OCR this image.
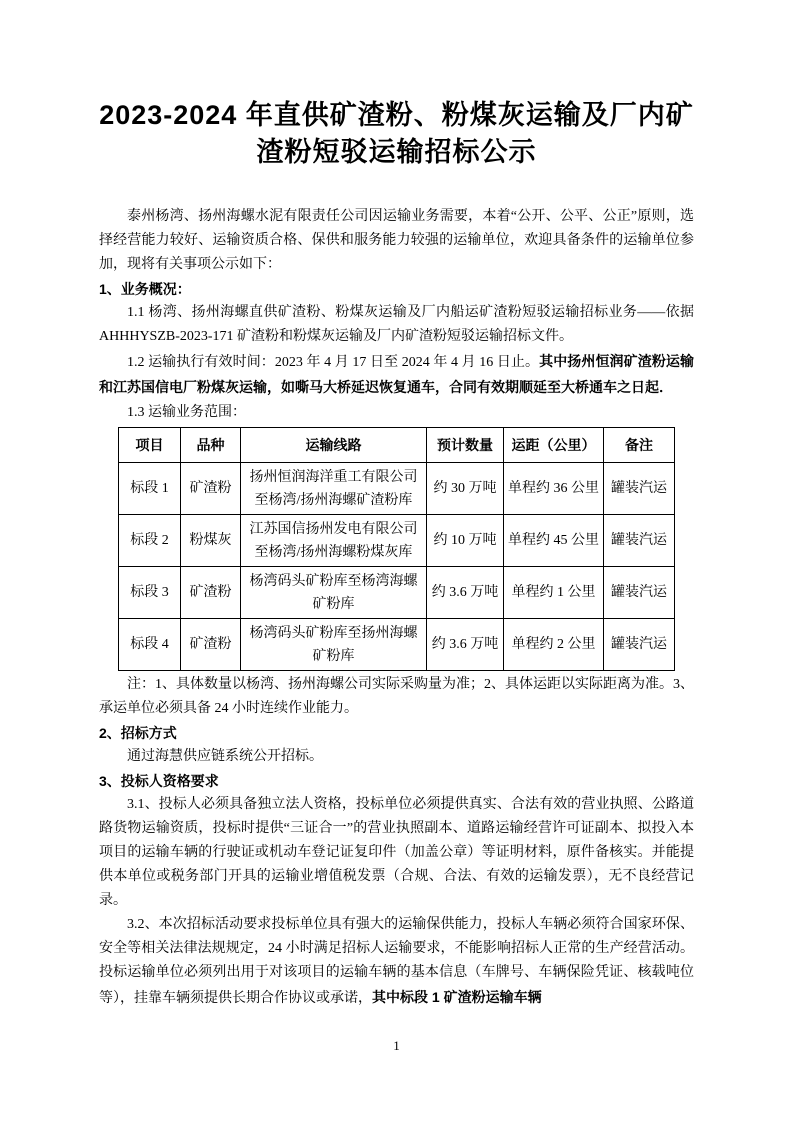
2023-2024 年直供矿渣粉、粉煤灰运输及厂内矿渣粉短驳运输招标公示

泰州杨湾、扬州海螺水泥有限责任公司因运输业务需要，本着“公开、公平、公正”原则，选择经营能力较好、运输资质合格、保供和服务能力较强的运输单位，欢迎具备条件的运输单位参加，现将有关事项公示如下：

1、业务概况：

1.1 杨湾、扬州海螺直供矿渣粉、粉煤灰运输及厂内船运矿渣粉短驳运输招标业务——依据 AHHHYSZB-2023-171 矿渣粉和粉煤灰运输及厂内矿渣粉短驳运输招标文件。

1.2 运输执行有效时间：2023 年 4 月 17 日至 2024 年 4 月 16 日止。其中扬州恒润矿渣粉运输和江苏国信电厂粉煤灰运输，如嘶马大桥延迟恢复通车，合同有效期顺延至大桥通车之日起．

1.3 运输业务范围：

项目	品种	运输线路	预计数量	运距（公里）	备注
标段 1	矿渣粉	扬州恒润海洋重工有限公司至杨湾/扬州海螺矿渣粉库	约 30 万吨	单程约 36 公里	罐装汽运
标段 2	粉煤灰	江苏国信扬州发电有限公司至杨湾/扬州海螺粉煤灰库	约 10 万吨	单程约 45 公里	罐装汽运
标段 3	矿渣粉	杨湾码头矿粉库至杨湾海螺矿粉库	约 3.6 万吨	单程约 1 公里	罐装汽运
标段 4	矿渣粉	杨湾码头矿粉库至扬州海螺矿粉库	约 3.6 万吨	单程约 2 公里	罐装汽运

注：1、具体数量以杨湾、扬州海螺公司实际采购量为准；2、具体运距以实际距离为准。3、承运单位必须具备 24 小时连续作业能力。

2、招标方式

通过海慧供应链系统公开招标。

3、投标人资格要求

3.1、投标人必须具备独立法人资格，投标单位必须提供真实、合法有效的营业执照、公路道路货物运输资质，投标时提供“三证合一”的营业执照副本、道路运输经营许可证副本、拟投入本项目的运输车辆的行驶证或机动车登记证复印件（加盖公章）等证明材料，原件备核实。并能提供本单位或税务部门开具的运输业增值税发票（合规、合法、有效的运输发票），无不良经营记录。

3.2、本次招标活动要求投标单位具有强大的运输保供能力，投标人车辆必须符合国家环保、安全等相关法律法规规定，24 小时满足招标人运输要求，不能影响招标人正常的生产经营活动。投标运输单位必须列出用于对该项目的运输车辆的基本信息（车牌号、车辆保险凭证、核载吨位等），挂靠车辆须提供长期合作协议或承诺，其中标段 1 矿渣粉运输车辆

1
